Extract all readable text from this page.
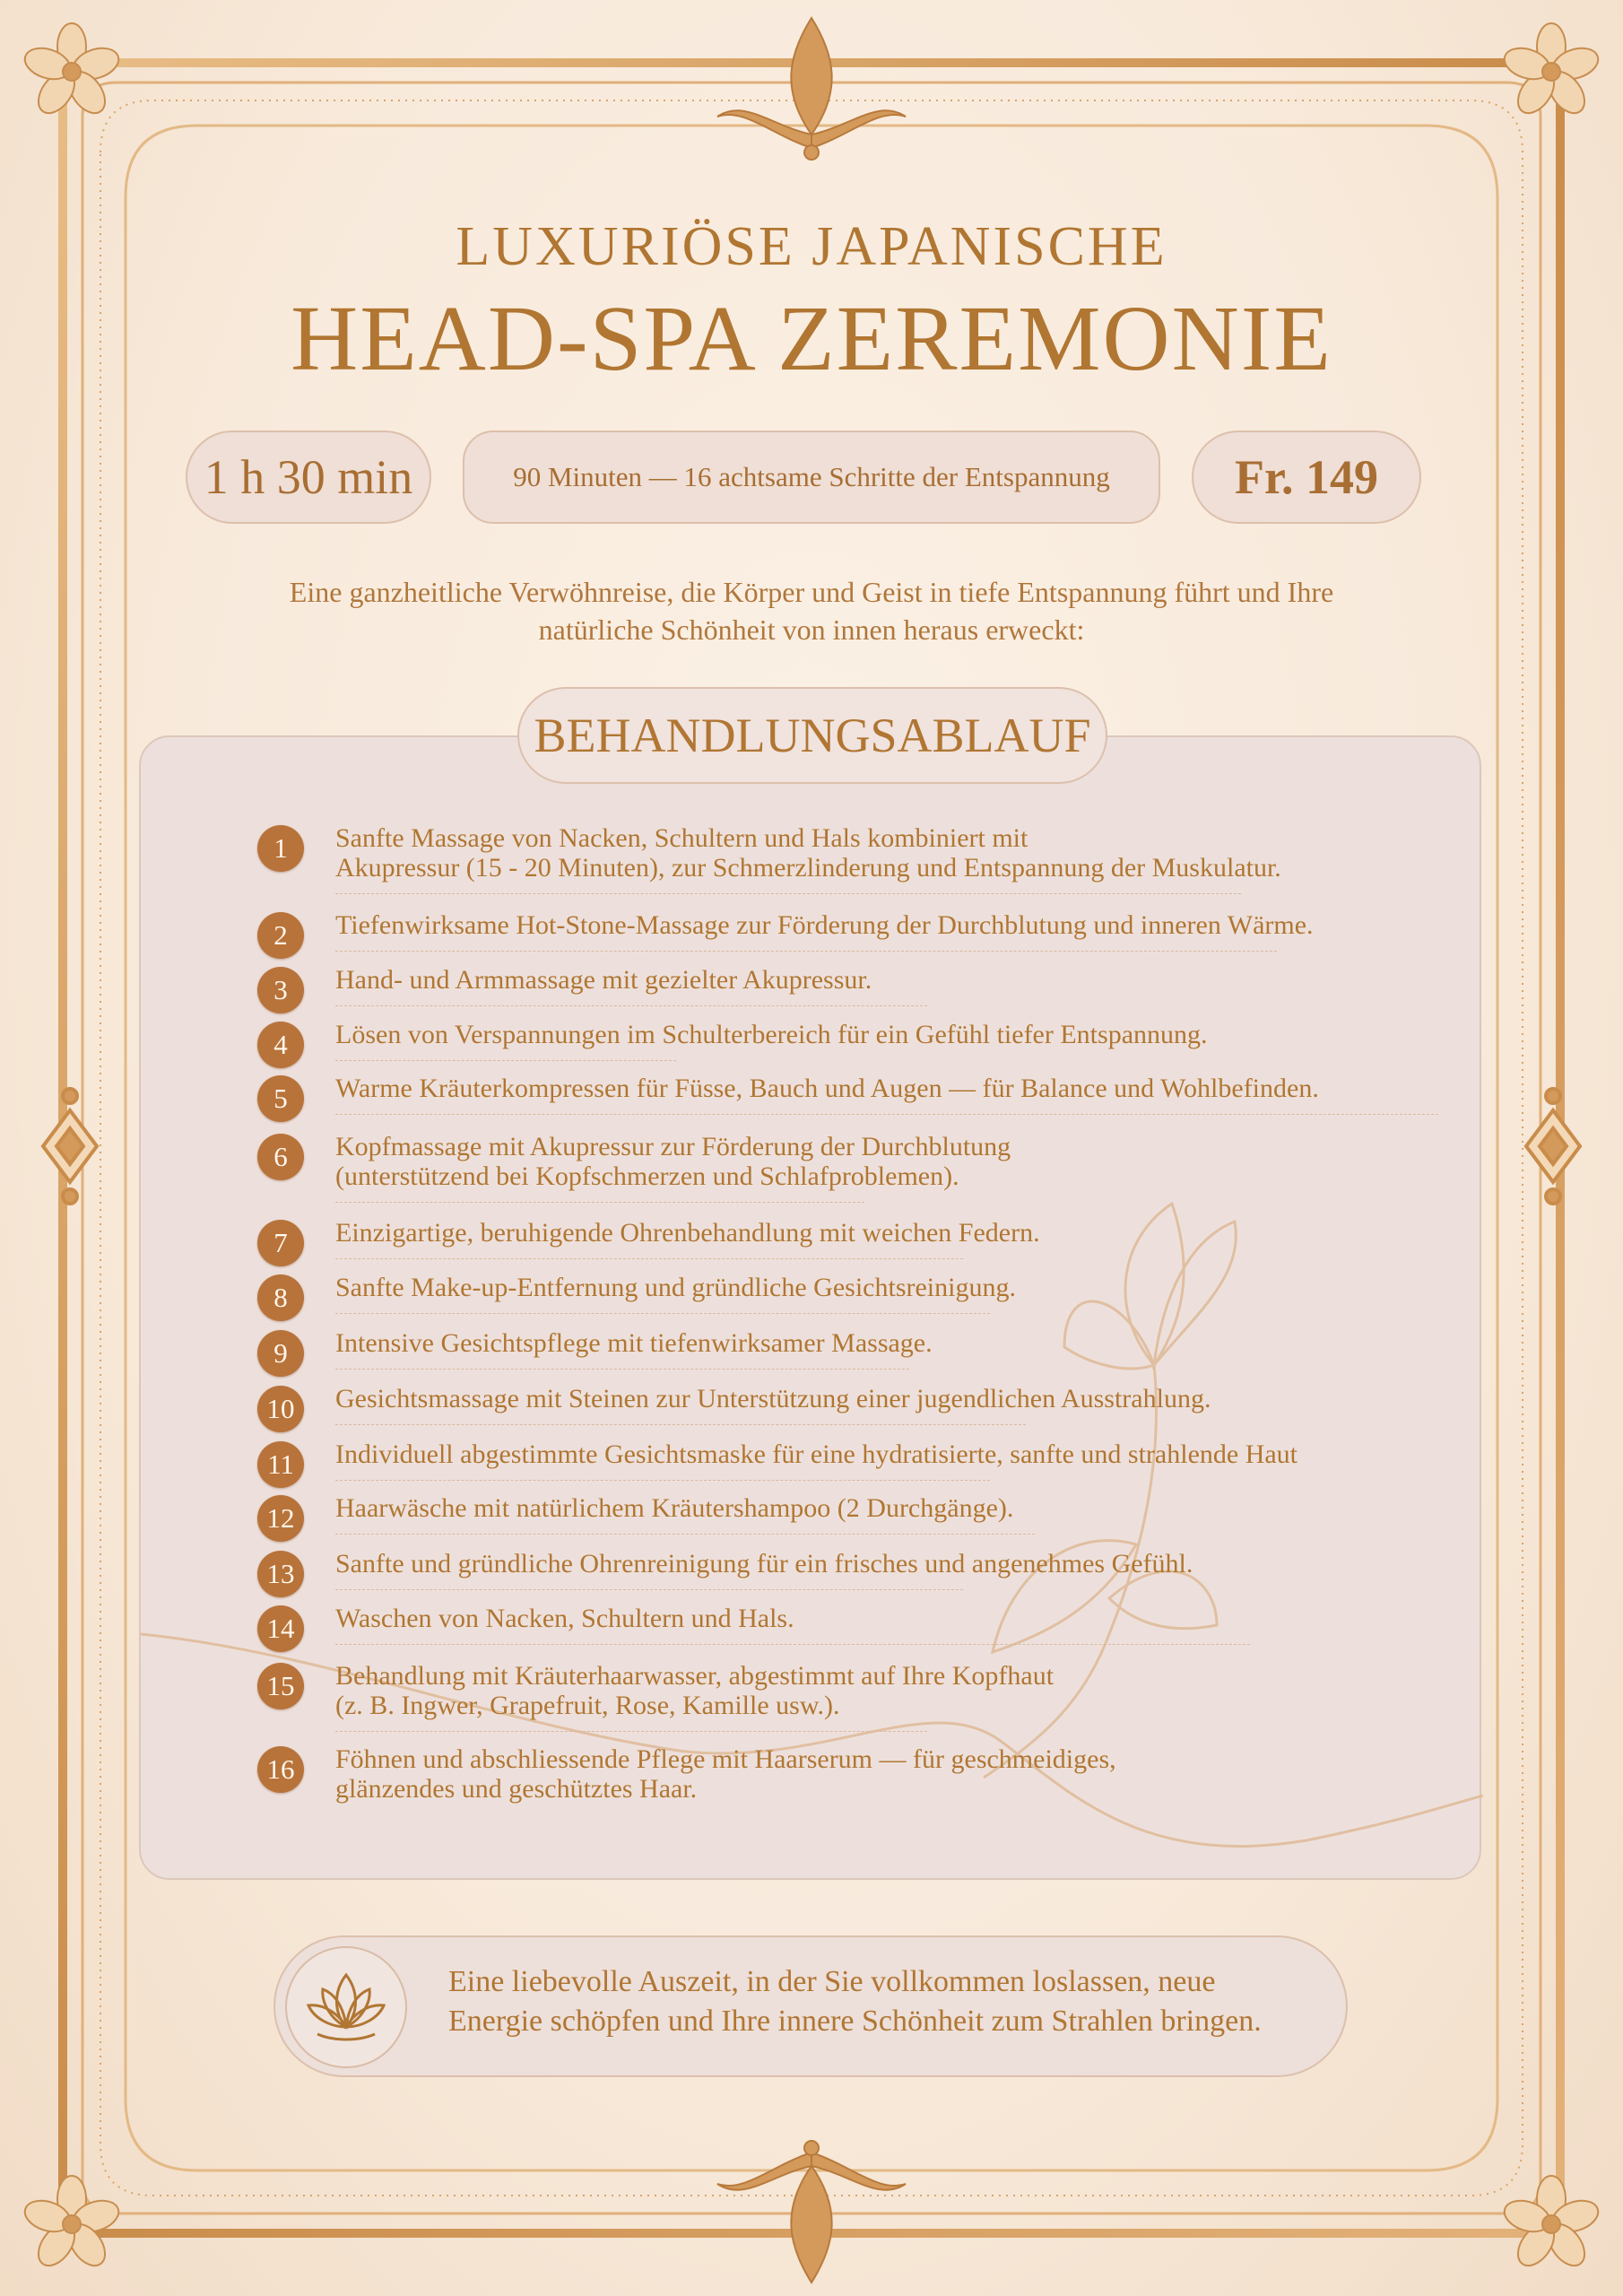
LUXURIÖSE JAPANISCHE
HEAD-SPA ZEREMONIE
1 h 30 min	90 Minuten — 16 achtsame Schritte der Entspannung	Fr. 149
Eine ganzheitliche Verwöhnreise, die Körper und Geist in tiefe Entspannung führt und Ihre natürliche Schönheit von innen heraus erweckt:
BEHANDLUNGSABLAUF
1	Sanfte Massage von Nacken, Schultern und Hals kombiniert mit
Akupressur (15 - 20 Minuten), zur Schmerzlinderung und Entspannung der Muskulatur.
2	Tiefenwirksame Hot-Stone-Massage zur Förderung der Durchblutung und inneren Wärme.
3	Hand- und Armmassage mit gezielter Akupressur.
4	Lösen von Verspannungen im Schulterbereich für ein Gefühl tiefer Entspannung.
5	Warme Kräuterkompressen für Füsse, Bauch und Augen — für Balance und Wohlbefinden.
6	Kopfmassage mit Akupressur zur Förderung der Durchblutung
(unterstützend bei Kopfschmerzen und Schlafproblemen).
7	Einzigartige, beruhigende Ohrenbehandlung mit weichen Federn.
8	Sanfte Make-up-Entfernung und gründliche Gesichtsreinigung.
9	Intensive Gesichtspflege mit tiefenwirksamer Massage.
10	Gesichtsmassage mit Steinen zur Unterstützung einer jugendlichen Ausstrahlung.
11	Individuell abgestimmte Gesichtsmaske für eine hydratisierte, sanfte und strahlende Haut
12	Haarwäsche mit natürlichem Kräutershampoo (2 Durchgänge).
13	Sanfte und gründliche Ohrenreinigung für ein frisches und angenehmes Gefühl.
14	Waschen von Nacken, Schultern und Hals.
15	Behandlung mit Kräuterhaarwasser, abgestimmt auf Ihre Kopfhaut
(z. B. Ingwer, Grapefruit, Rose, Kamille usw.).
16	Föhnen und abschliessende Pflege mit Haarserum — für geschmeidiges,
glänzendes und geschütztes Haar.
Eine liebevolle Auszeit, in der Sie vollkommen loslassen, neue
Energie schöpfen und Ihre innere Schönheit zum Strahlen bringen.
